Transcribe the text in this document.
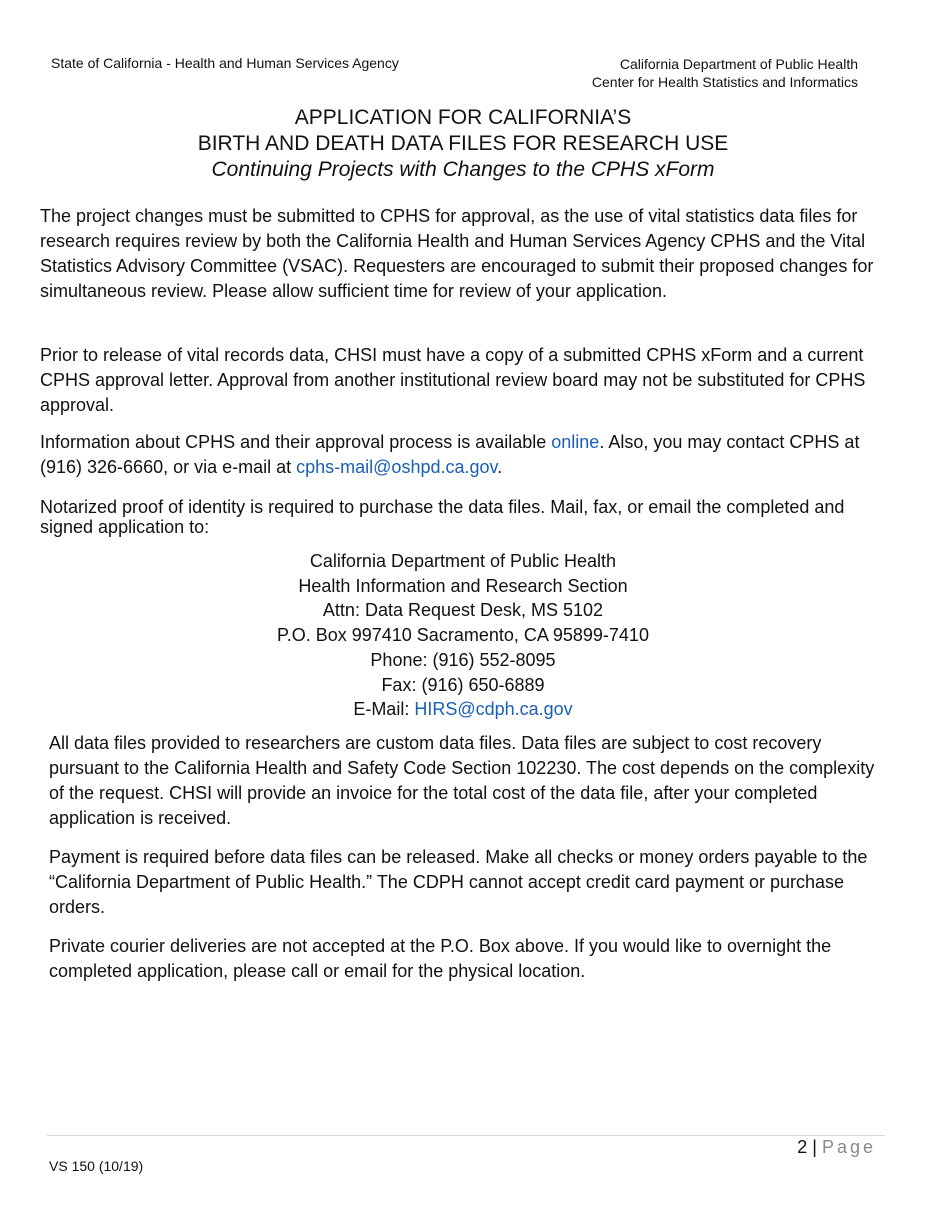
State of California - Health and Human Services Agency	California Department of Public Health
Center for Health Statistics and Informatics
APPLICATION FOR CALIFORNIA’S
BIRTH AND DEATH DATA FILES FOR RESEARCH USE
Continuing Projects with Changes to the CPHS xForm

The project changes must be submitted to CPHS for approval, as the use of vital statistics data files for research requires review by both the California Health and Human Services Agency CPHS and the Vital Statistics Advisory Committee (VSAC). Requesters are encouraged to submit their proposed changes for simultaneous review. Please allow sufficient time for review of your application.

Prior to release of vital records data, CHSI must have a copy of a submitted CPHS xForm and a current CPHS approval letter. Approval from another institutional review board may not be substituted for CPHS approval.

Information about CPHS and their approval process is available online. Also, you may contact CPHS at (916) 326-6660, or via e-mail at cphs-mail@oshpd.ca.gov.

Notarized proof of identity is required to purchase the data files. Mail, fax, or email the completed and signed application to:

California Department of Public Health
Health Information and Research Section
Attn: Data Request Desk, MS 5102
P.O. Box 997410 Sacramento, CA 95899-7410
Phone: (916) 552-8095
Fax: (916) 650-6889
E-Mail: HIRS@cdph.ca.gov

All data files provided to researchers are custom data files. Data files are subject to cost recovery pursuant to the California Health and Safety Code Section 102230. The cost depends on the complexity of the request. CHSI will provide an invoice for the total cost of the data file, after your completed application is received.

Payment is required before data files can be released. Make all checks or money orders payable to the “California Department of Public Health.” The CDPH cannot accept credit card payment or purchase orders.

Private courier deliveries are not accepted at the P.O. Box above. If you would like to overnight the completed application, please call or email for the physical location.

2 | Page
VS 150 (10/19)
